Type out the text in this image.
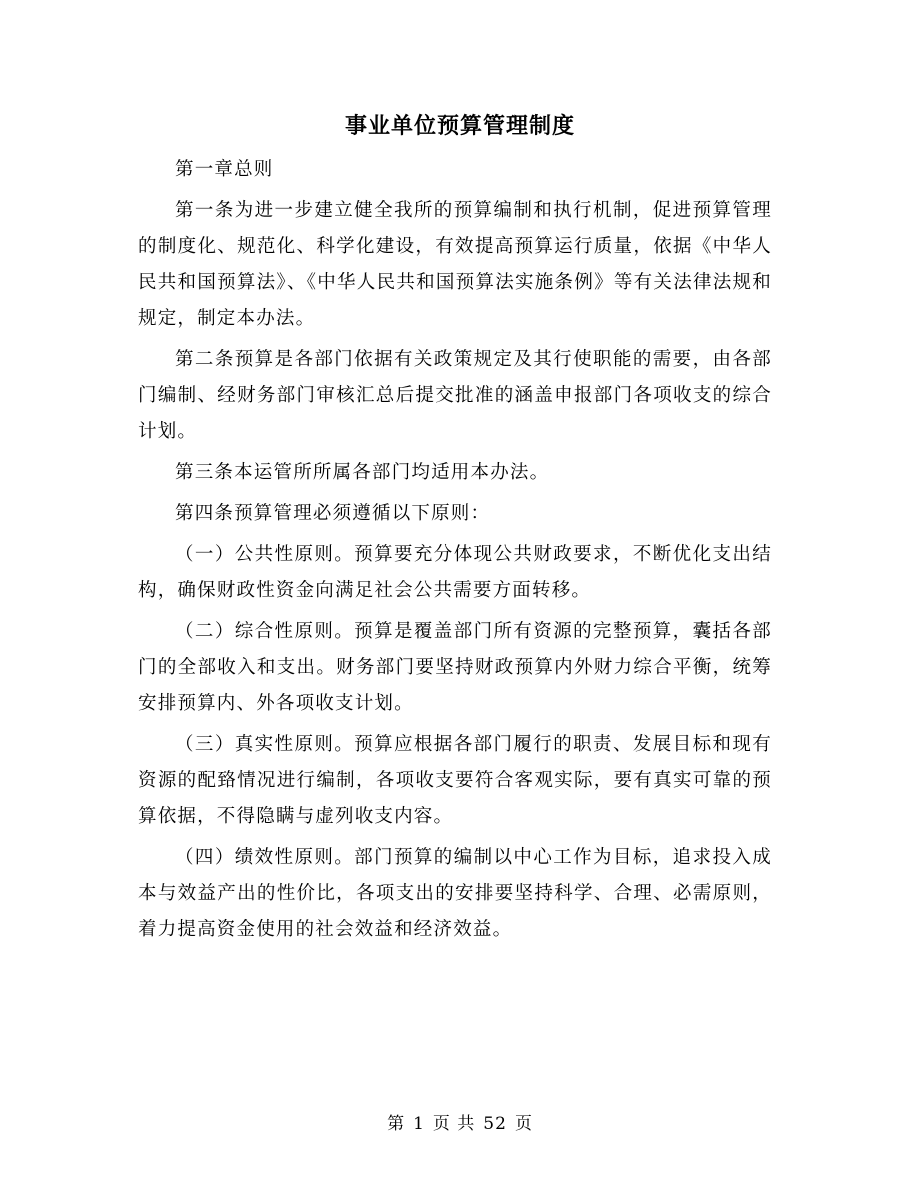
事业单位预算管理制度

第一章总则

第一条为进一步建立健全我所的预算编制和执行机制，促进预算管理的制度化、规范化、科学化建设，有效提高预算运行质量，依据《中华人民共和国预算法》、《中华人民共和国预算法实施条例》等有关法律法规和规定，制定本办法。

第二条预算是各部门依据有关政策规定及其行使职能的需要，由各部门编制、经财务部门审核汇总后提交批准的涵盖申报部门各项收支的综合计划。

第三条本运管所所属各部门均适用本办法。

第四条预算管理必须遵循以下原则：

（一）公共性原则。预算要充分体现公共财政要求，不断优化支出结构，确保财政性资金向满足社会公共需要方面转移。

（二）综合性原则。预算是覆盖部门所有资源的完整预算，囊括各部门的全部收入和支出。财务部门要坚持财政预算内外财力综合平衡，统筹安排预算内、外各项收支计划。

（三）真实性原则。预算应根据各部门履行的职责、发展目标和现有资源的配臵情况进行编制，各项收支要符合客观实际，要有真实可靠的预算依据，不得隐瞒与虚列收支内容。

（四）绩效性原则。部门预算的编制以中心工作为目标，追求投入成本与效益产出的性价比，各项支出的安排要坚持科学、合理、必需原则，着力提高资金使用的社会效益和经济效益。

第 1 页 共 52 页
